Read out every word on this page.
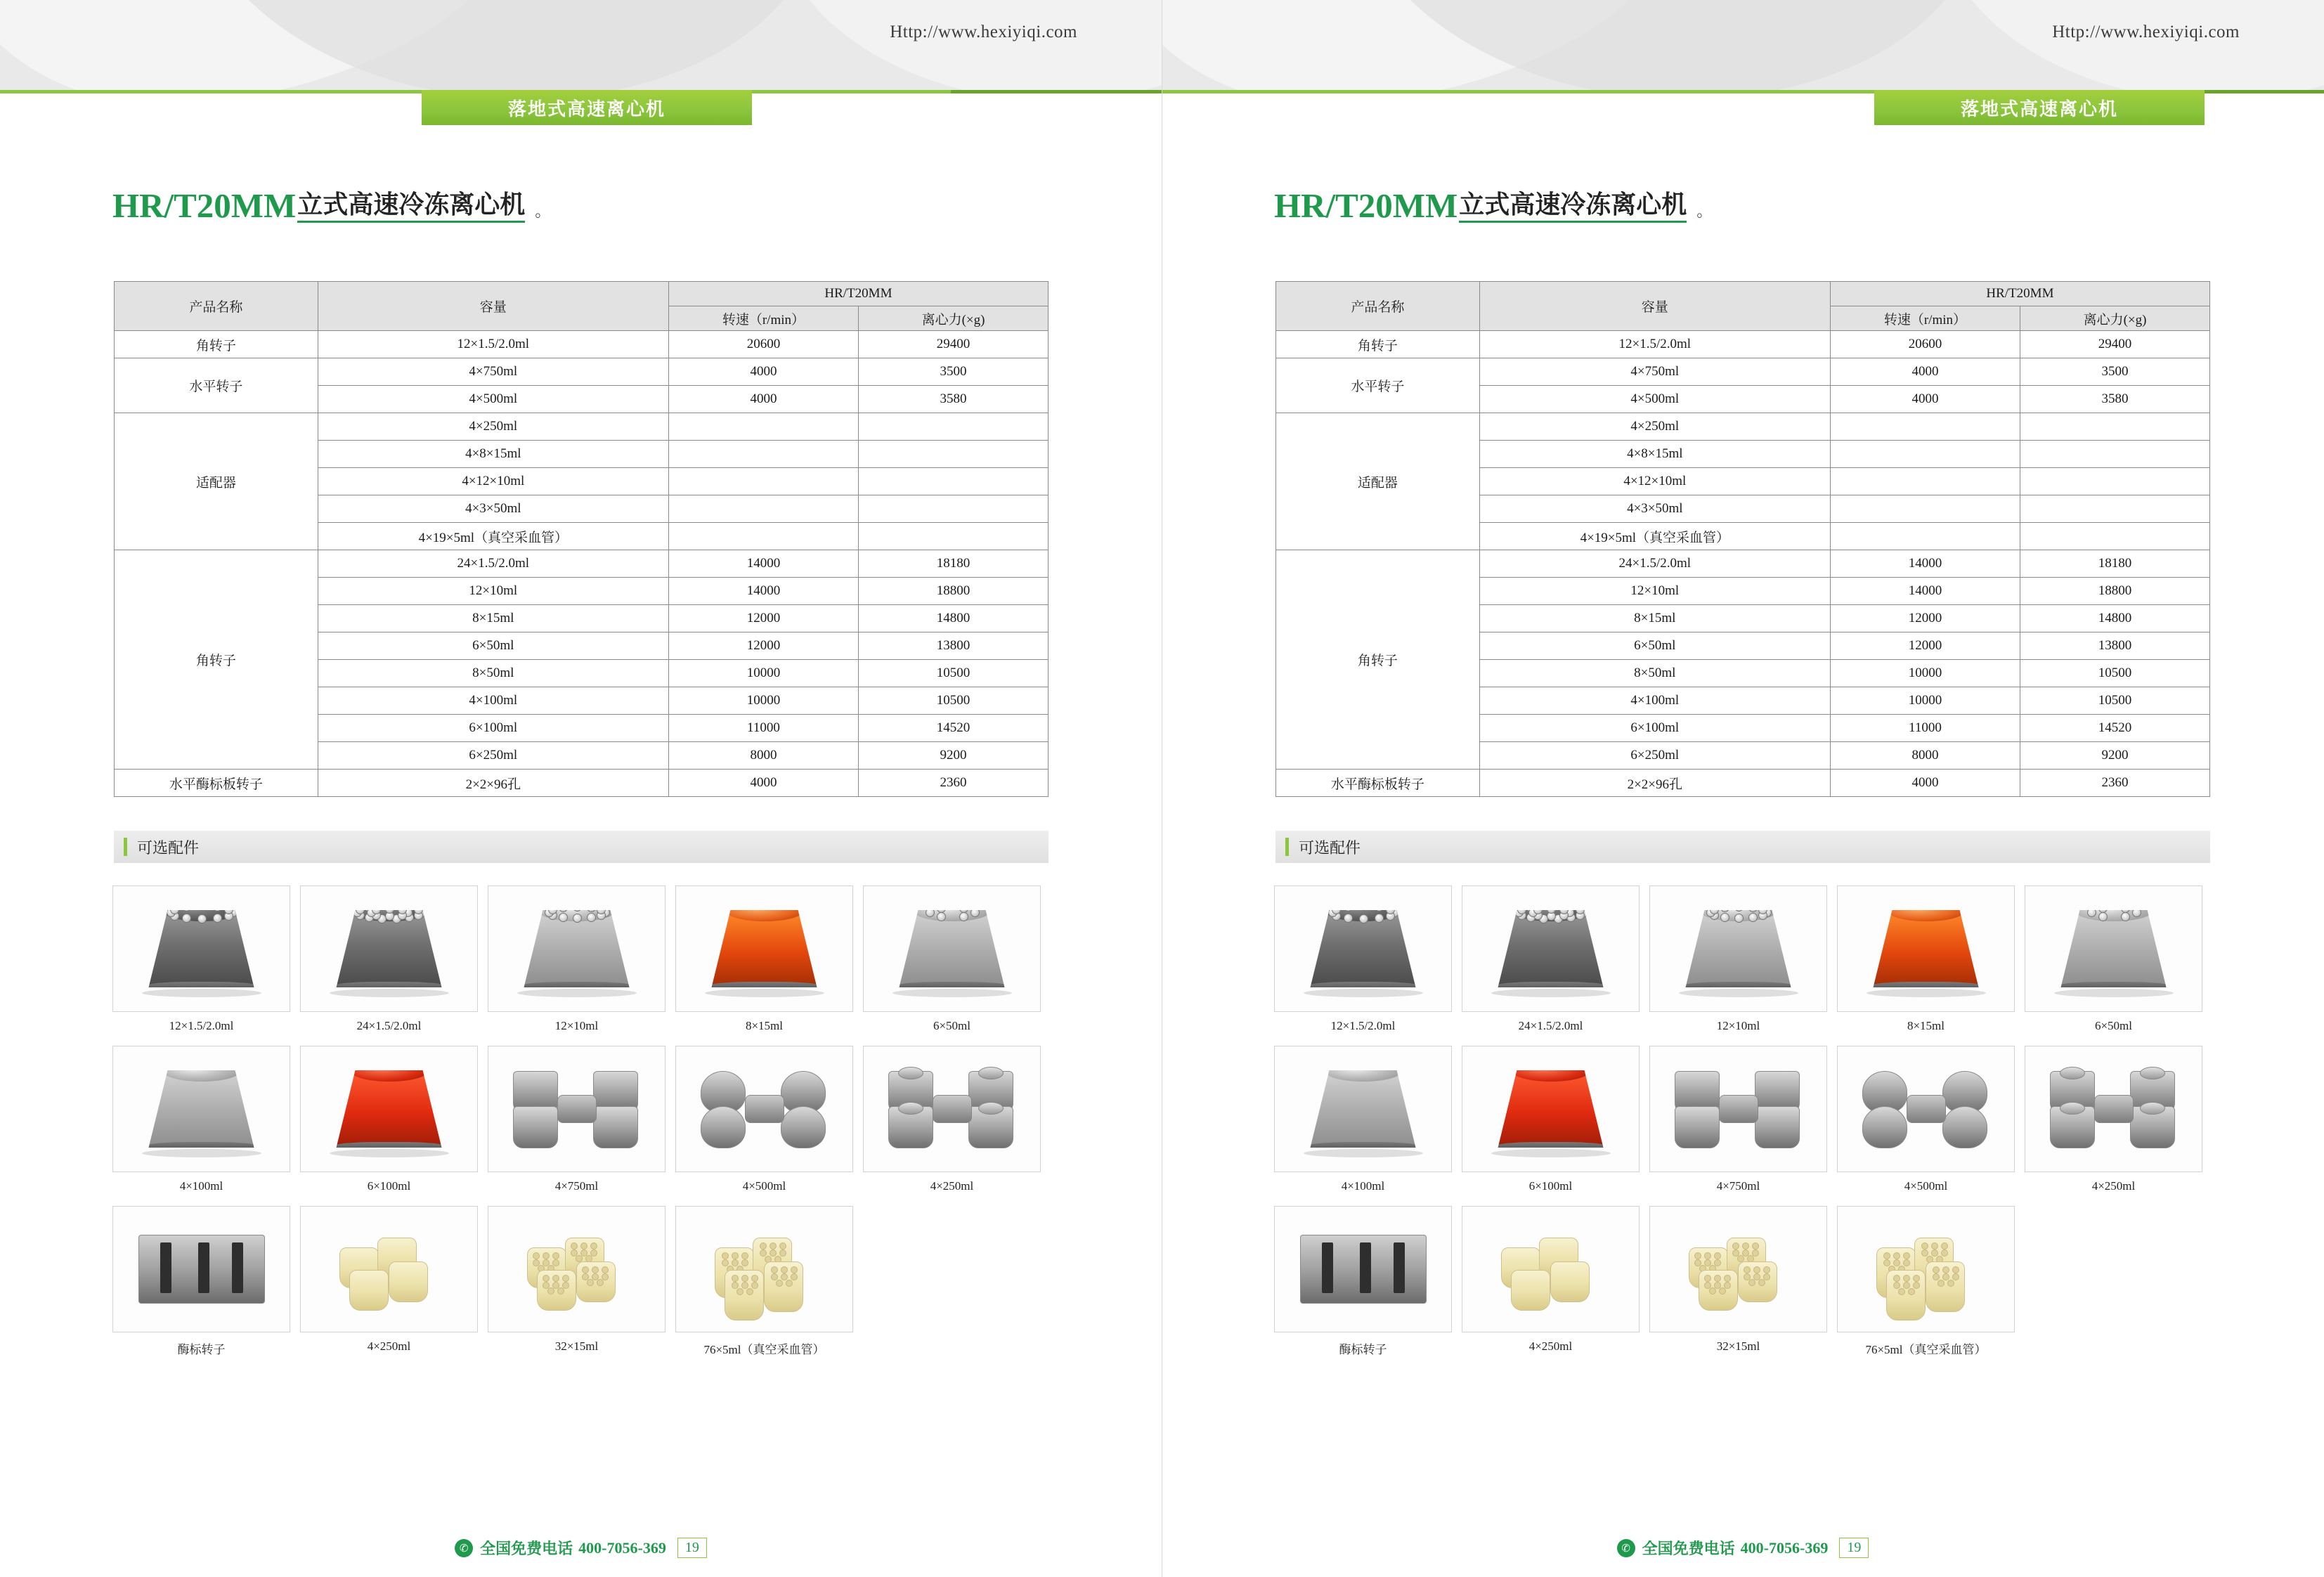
Http://www.hexiyiqi.com
落地式高速离心机
HR/T20MM 立式高速冷冻离心机 。
产品名称	容量	HR/T20MM	
		转速（r/min）	离心力(×g)
角转子	12×1.5/2.0ml	20600	29400
水平转子	4×750ml	4000	3500
	4×500ml	4000	3580
适配器	4×250ml		
	4×8×15ml		
	4×12×10ml		
	4×3×50ml		
	4×19×5ml（真空采血管）		
角转子	24×1.5/2.0ml	14000	18180
	12×10ml	14000	18800
	8×15ml	12000	14800
	6×50ml	12000	13800
	8×50ml	10000	10500
	4×100ml	10000	10500
	6×100ml	11000	14520
	6×250ml	8000	9200
水平酶标板转子	2×2×96孔	4000	2360
可选配件
12×1.5/2.0ml	24×1.5/2.0ml	12×10ml	8×15ml	6×50ml
4×100ml	6×100ml	4×750ml	4×500ml	4×250ml
酶标转子	4×250ml	32×15ml	76×5ml（真空采血管）
✆ 全国免费电话 400-7056-369	19
Http://www.hexiyiqi.com
落地式高速离心机
HR/T20MM 立式高速冷冻离心机 。
产品名称	容量	HR/T20MM	
		转速（r/min）	离心力(×g)
角转子	12×1.5/2.0ml	20600	29400
水平转子	4×750ml	4000	3500
	4×500ml	4000	3580
适配器	4×250ml		
	4×8×15ml		
	4×12×10ml		
	4×3×50ml		
	4×19×5ml（真空采血管）		
角转子	24×1.5/2.0ml	14000	18180
	12×10ml	14000	18800
	8×15ml	12000	14800
	6×50ml	12000	13800
	8×50ml	10000	10500
	4×100ml	10000	10500
	6×100ml	11000	14520
	6×250ml	8000	9200
水平酶标板转子	2×2×96孔	4000	2360
可选配件
12×1.5/2.0ml	24×1.5/2.0ml	12×10ml	8×15ml	6×50ml
4×100ml	6×100ml	4×750ml	4×500ml	4×250ml
酶标转子	4×250ml	32×15ml	76×5ml（真空采血管）
✆ 全国免费电话 400-7056-369	19
